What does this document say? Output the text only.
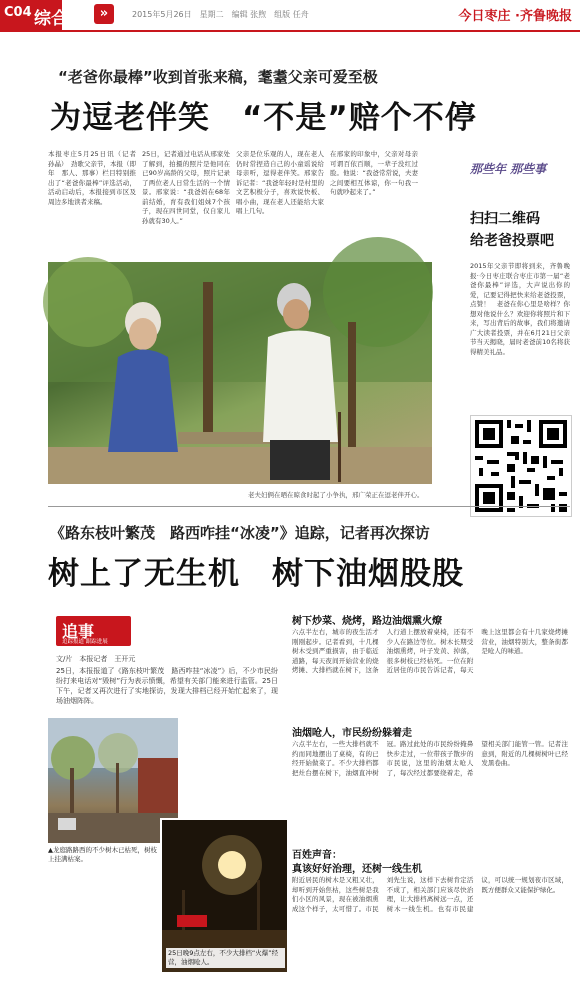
C04 综合	»	2015年5月26日　星期二　编辑 张煦　组版 任舟	今日枣庄 ·齐鲁晚报
“老爸你最棒”收到首张来稿，耄耋父亲可爱至极
为逗老伴笑　“不是”赔个不停
本报枣庄5月25日讯（记者　孙晶）　劲歌父亲节，本报（即年　那人、那事）栏目特别推出了“老爸你最棒”评选活动，活动启动后，本报接到市区及周边多地读者来稿。
25日，记者通过电话从邢家处了解到，拍摄的照片是他同在已90岁高龄的父母，照片记录了两位老人日常生活的一个情景。邢家说：“我爸妈在68年前结婚，育有我们姐妹7个孩子，现在四世同堂，仅自家儿孙就有30人。”
父亲是位乐观的人，现在老人仍时常捏造自己的小童谣说给母亲听，逗得老伴笑。邢家告诉记者：“我爸年轻时是村里的文艺积极分子，喜欢说快板、唱小曲，现在老人还能给大家唱上几句。
在邢家的印象中，父亲对母亲可谓百依百顺，一辈子没红过脸。他说：“我爸常常说，夫妻之间要相互体谅，你一句我一句就吵起来了。”
那些年 那些事
扫扫二维码
给老爸投票吧
2015年父亲节即将到来，齐鲁晚报·今日枣庄联合枣庄市第一届“老爸你最棒”评选，大声说出你的爱，记要记得把快来给老爸投票，点赞！　老爸在你心里是啥样？你想对他说什么？欢迎你将照片和下来，写出背后的故事，我们将邀请广大读者投票，并在6月21日父亲节当天揭晓，届时老爸前10名将获得精美礼品。
老夫妇俩在晒在晾食时起了小争执，邢广荣正在逗老伴开心。
《路东枝叶繁茂　路西咋挂“冰凌”》追踪，记者再次探访
树上了无生机　树下油烟股股
追事
追踪报道 跟踪进展
文/片　本报记者　王开元
25日，本报报道了《路东枝叶繁茂　路西咋挂“冰凌”》后，不少市民纷纷打来电话对“毁树”行为表示愤慨，希望有关部门能来进行监管。25日下午，记者又再次进行了实地探访，发现大排档已经开始忙起来了，现场油烟阵阵。
树下炒菜、烧烤，路边油烟熏火燎
六点半左右，城市的夜生活才刚刚起步。记者看到，十几棵树木受到严重损害，由于临近道路，每天夜间开始营业的烧烤摊、大排档就在树下，这条人行道上摆放着桌椅，还有不少人在路边等位。树木长期受油烟熏烤，叶子发黄、掉落，很多树枝已经枯死。一位在附近居住的市民告诉记者，每天晚上这里都会有十几家烧烤摊营业，油烟特别大，整条街都是呛人的味道。
油烟呛人，市民纷纷躲着走
六点半左右，一些大排档就不约而同地摆出了桌椅，有的已经开始做菜了。不少大排档都把灶台摆在树下，油烟直冲树冠。路过此处的市民纷纷掩鼻快步走过，一位带孩子散步的市民说，这里的油烟太呛人了，每次经过都要绕着走，希望相关部门能管一管。记者注意到，附近的几棵树树叶已经发黑卷曲。
百姓声音：
真该好好治理，还树一线生机
附近居民的树木是又粗又壮，却听到开始焦枯，这些树是我们小区的风景，现在被油烟熏成这个样子，太可惜了。市民刘先生说，这样下去树肯定活不成了，相关部门应该尽快治理，让大排档离树远一点，还树木一线生机。也有市民建议，可以统一规划夜市区域，既方便群众又能保护绿化。
▲龙庭路路西的不少树木已枯死，树枝上挂满枯案。
25日晚9点左右，不少大排档“火爆”经营，油烟呛人。
